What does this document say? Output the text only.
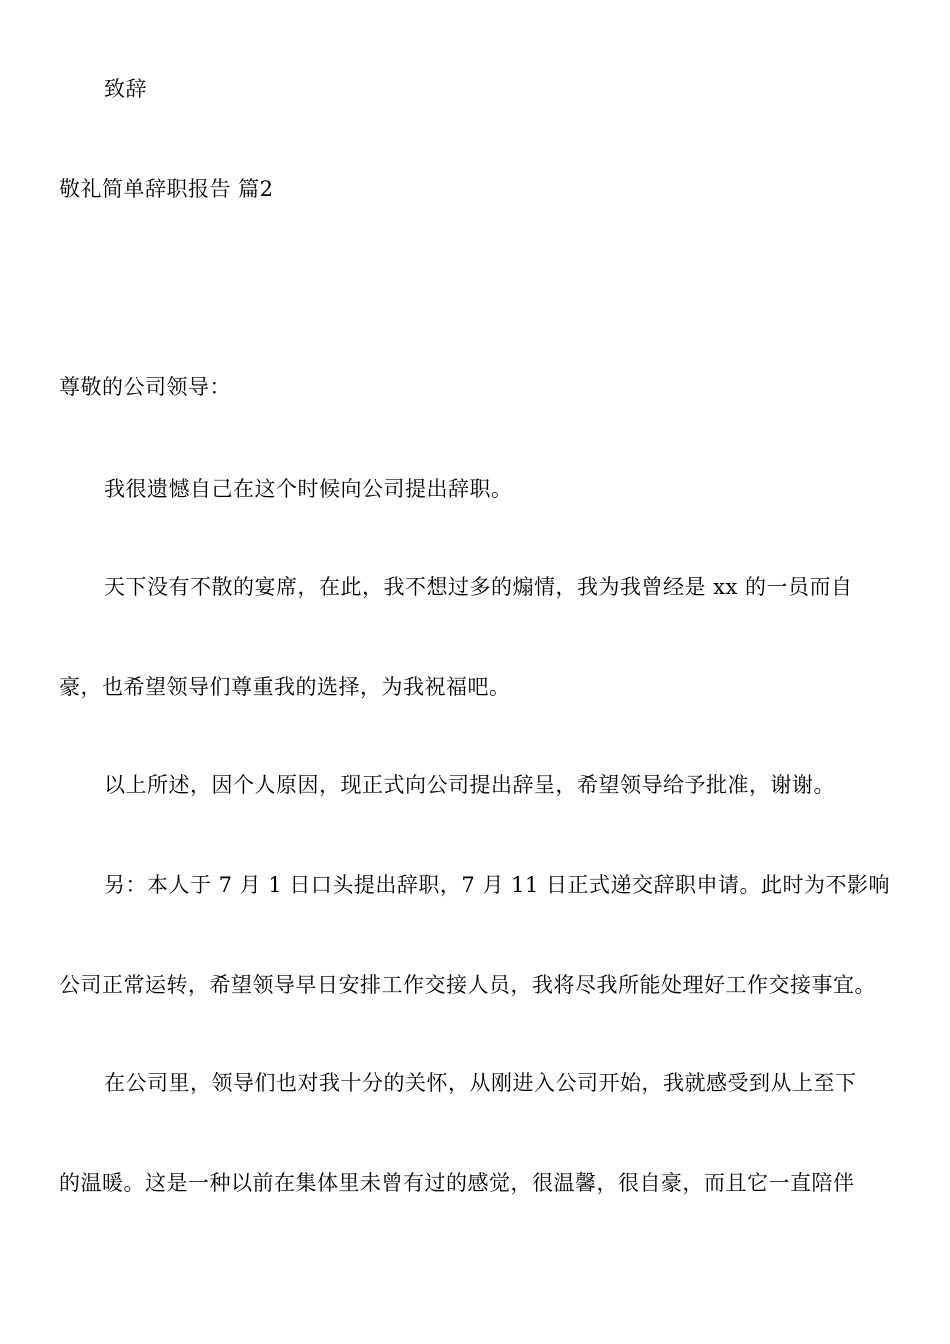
致辞

敬礼简单辞职报告 篇2

尊敬的公司领导：

我很遗憾自己在这个时候向公司提出辞职。

天下没有不散的宴席，在此，我不想过多的煽情，我为我曾经是 xx 的一员而自

豪，也希望领导们尊重我的选择，为我祝福吧。

以上所述，因个人原因，现正式向公司提出辞呈，希望领导给予批准，谢谢。

另：本人于 7 月 1 日口头提出辞职，7 月 11 日正式递交辞职申请。此时为不影响

公司正常运转，希望领导早日安排工作交接人员，我将尽我所能处理好工作交接事宜。

在公司里，领导们也对我十分的关怀，从刚进入公司开始，我就感受到从上至下

的温暖。这是一种以前在集体里未曾有过的感觉，很温馨，很自豪，而且它一直陪伴
